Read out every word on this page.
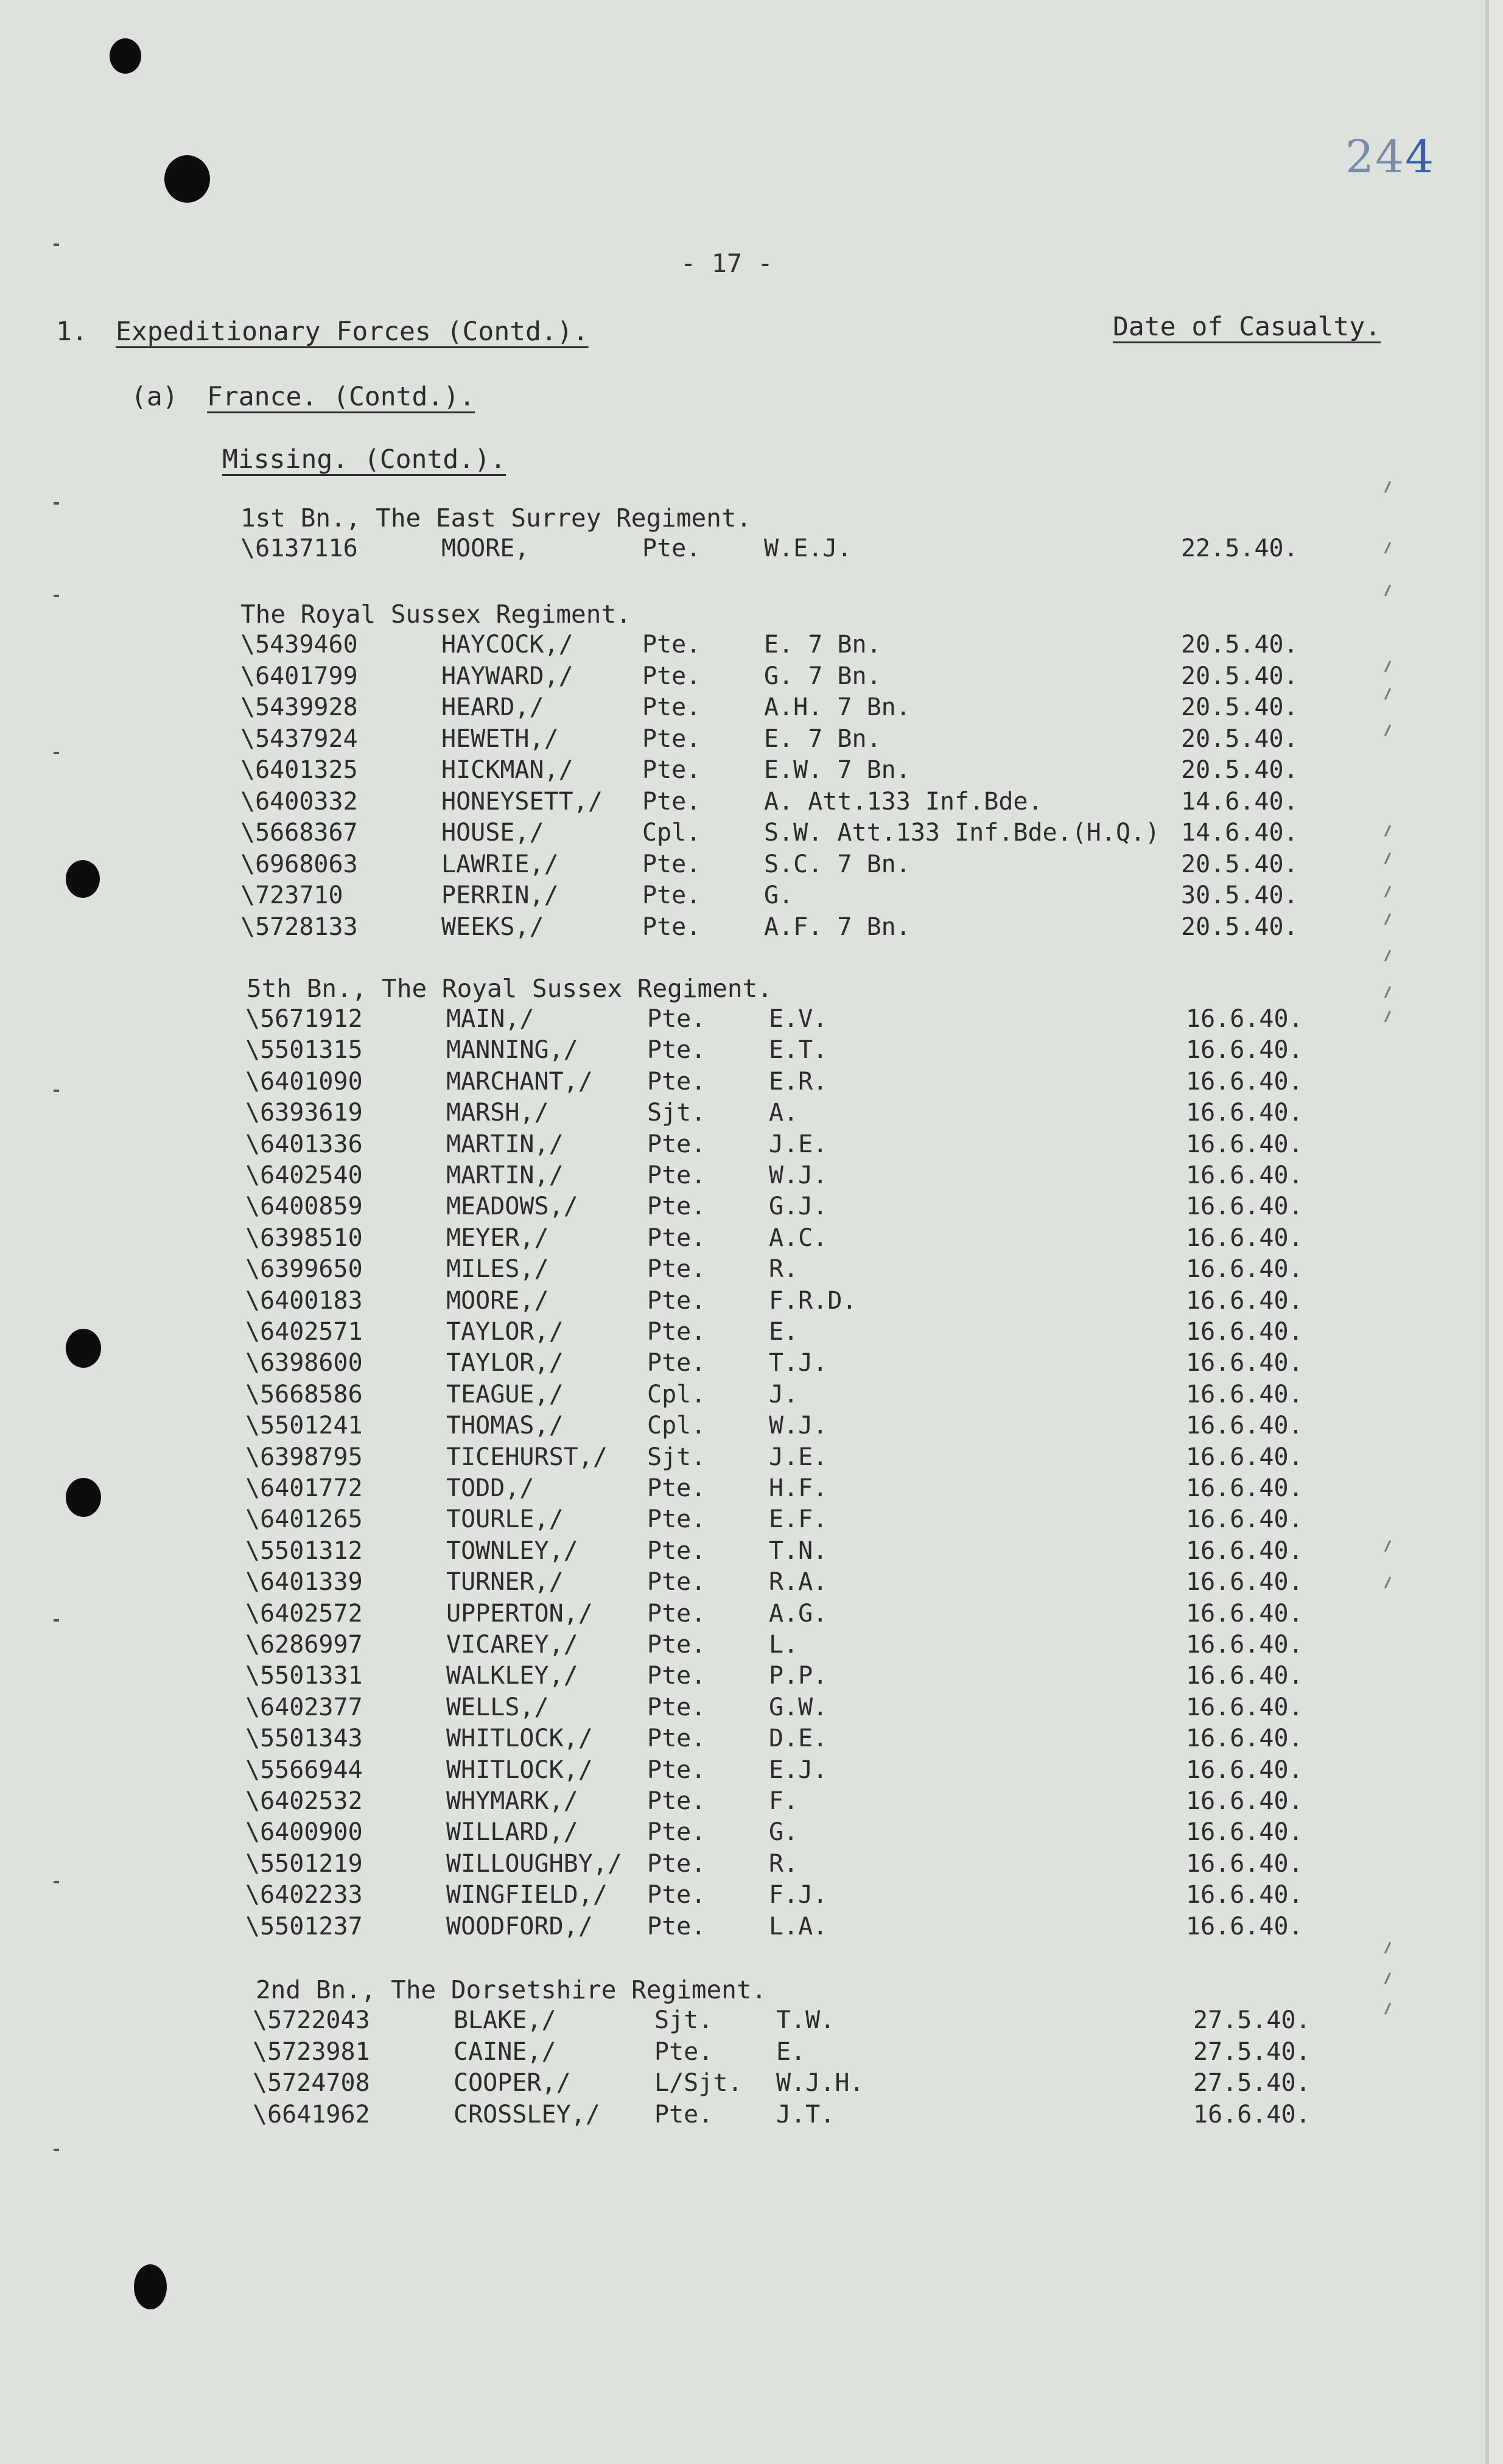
244
- 17 -
1. Expeditionary Forces (Contd.).	Date of Casualty.
(a) France. (Contd.).
Missing. (Contd.).
1st Bn., The East Surrey Regiment.
\6137116	MOORE,	Pte.	W.E.J.	22.5.40.
The Royal Sussex Regiment.
\5439460	HAYCOCK,/	Pte.	E. 7 Bn.	20.5.40.
\6401799	HAYWARD,/	Pte.	G. 7 Bn.	20.5.40.
\5439928	HEARD,/	Pte.	A.H. 7 Bn.	20.5.40.
\5437924	HEWETH,/	Pte.	E. 7 Bn.	20.5.40.
\6401325	HICKMAN,/	Pte.	E.W. 7 Bn.	20.5.40.
\6400332	HONEYSETT,/ Pte.	A. Att.133 Inf.Bde.	14.6.40.
\5668367	HOUSE,/	Cpl.	S.W. Att.133 Inf.Bde.(H.Q.) 14.6.40.
\6968063	LAWRIE,/	Pte.	S.C. 7 Bn.	20.5.40.
\723710	PERRIN,/	Pte.	G.	30.5.40.
\5728133	WEEKS,/	Pte.	A.F. 7 Bn.	20.5.40.
5th Bn., The Royal Sussex Regiment.
\5671912	MAIN,/	Pte.	E.V.	16.6.40.
\5501315	MANNING,/	Pte.	E.T.	16.6.40.
\6401090	MARCHANT,/ Pte.	E.R.	16.6.40.
\6393619	MARSH,/	Sjt.	A.	16.6.40.
\6401336	MARTIN,/	Pte.	J.E.	16.6.40.
\6402540	MARTIN,/	Pte.	W.J.	16.6.40.
\6400859	MEADOWS,/	Pte.	G.J.	16.6.40.
\6398510	MEYER,/	Pte.	A.C.	16.6.40.
\6399650	MILES,/	Pte.	R.	16.6.40.
\6400183	MOORE,/	Pte.	F.R.D.	16.6.40.
\6402571	TAYLOR,/	Pte.	E.	16.6.40.
\6398600	TAYLOR,/	Pte.	T.J.	16.6.40.
\5668586	TEAGUE,/	Cpl.	J.	16.6.40.
\5501241	THOMAS,/	Cpl.	W.J.	16.6.40.
\6398795	TICEHURST,/ Sjt.	J.E.	16.6.40.
\6401772	TODD,/	Pte.	H.F.	16.6.40.
\6401265	TOURLE,/	Pte.	E.F.	16.6.40.
\5501312	TOWNLEY,/	Pte.	T.N.	16.6.40.
\6401339	TURNER,/	Pte.	R.A.	16.6.40.
\6402572	UPPERTON,/ Pte.	A.G.	16.6.40.
\6286997	VICAREY,/	Pte.	L.	16.6.40.
\5501331	WALKLEY,/	Pte.	P.P.	16.6.40.
\6402377	WELLS,/	Pte.	G.W.	16.6.40.
\5501343	WHITLOCK,/ Pte.	D.E.	16.6.40.
\5566944	WHITLOCK,/ Pte.	E.J.	16.6.40.
\6402532	WHYMARK,/	Pte.	F.	16.6.40.
\6400900	WILLARD,/	Pte.	G.	16.6.40.
\5501219	WILLOUGHBY,/ Pte.	R.	16.6.40.
\6402233	WINGFIELD,/ Pte.	F.J.	16.6.40.
\5501237	WOODFORD,/ Pte.	L.A.	16.6.40.
2nd Bn., The Dorsetshire Regiment.
\5722043	BLAKE,/	Sjt.	T.W.	27.5.40.
\5723981	CAINE,/	Pte.	E.	27.5.40.
\5724708	COOPER,/	L/Sjt. W.J.H.	27.5.40.
\6641962	CROSSLEY,/ Pte.	J.T.	16.6.40.
